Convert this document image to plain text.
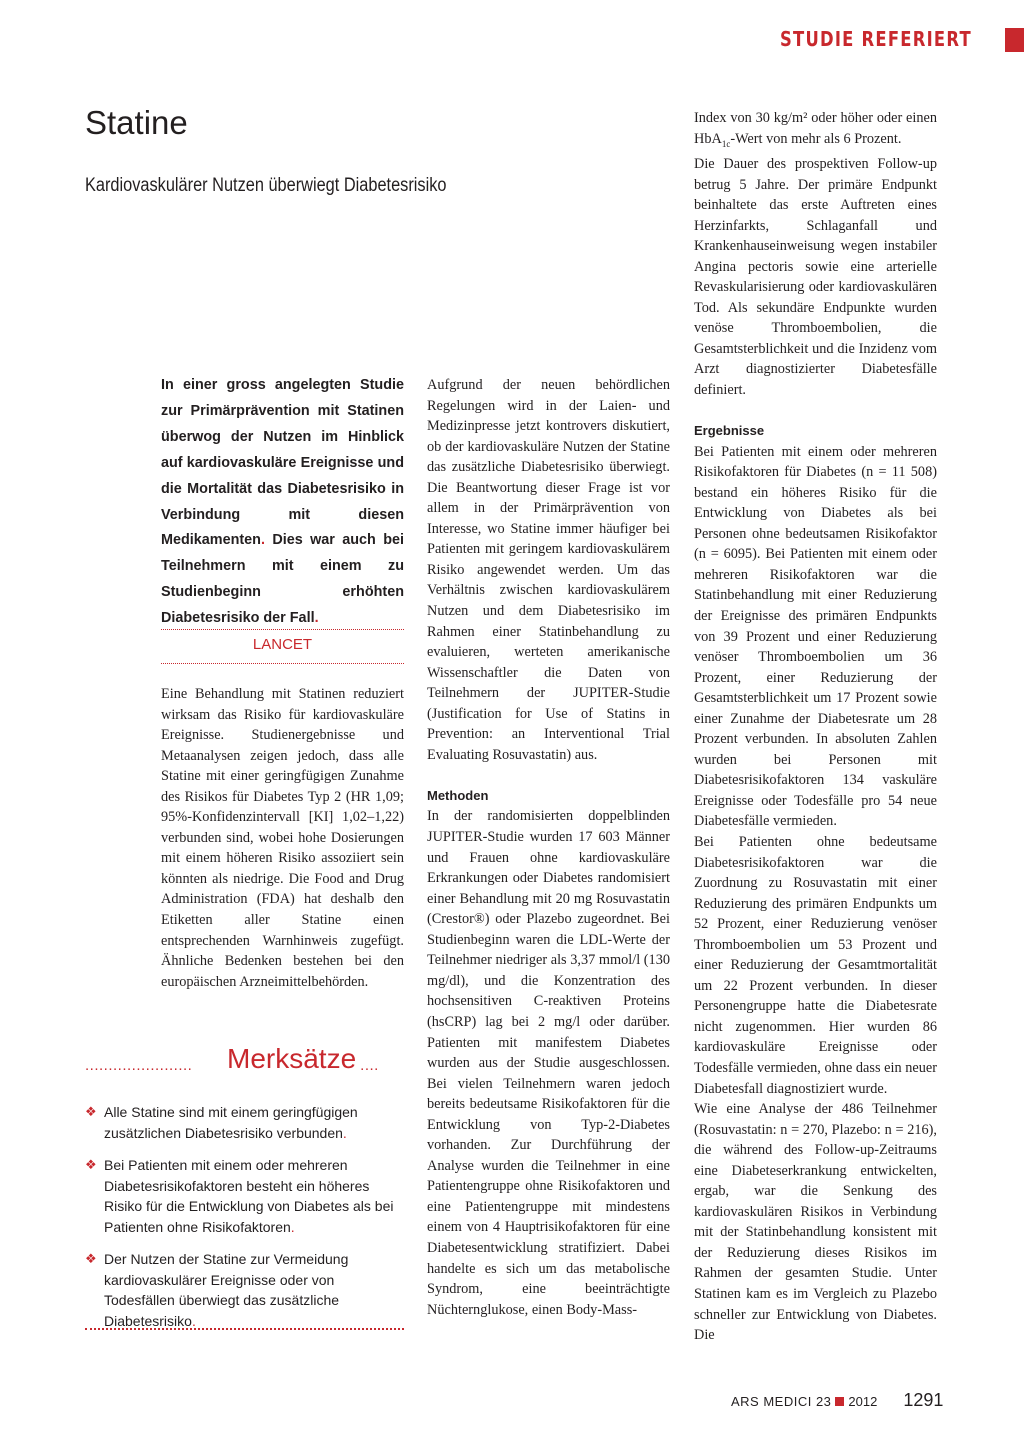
STUDIE REFERIERT
Statine
Kardiovaskulärer Nutzen überwiegt Diabetesrisiko

In einer gross angelegten Studie zur Primärprävention mit Statinen überwog der Nutzen im Hinblick auf kardiovaskuläre Ereignisse und die Mortalität das Diabetesrisiko in Verbindung mit diesen Medikamenten. Dies war auch bei Teilnehmern mit einem zu Studienbeginn erhöhten Diabetesrisiko der Fall.

LANCET

Eine Behandlung mit Statinen reduziert wirksam das Risiko für kardiovaskuläre Ereignisse. Studienergebnisse und Metaanalysen zeigen jedoch, dass alle Statine mit einer geringfügigen Zunahme des Risikos für Diabetes Typ 2 (HR 1,09; 95%-Konfidenzintervall [KI] 1,02–1,22) verbunden sind, wobei hohe Dosierungen mit einem höheren Risiko assoziiert sein könnten als niedrige. Die Food and Drug Administration (FDA) hat deshalb den Etiketten aller Statine einen entsprechenden Warnhinweis zugefügt. Ähnliche Bedenken bestehen bei den europäischen Arzneimittelbehörden.

.......................	Merksätze ....
❖ Alle Statine sind mit einem geringfügigen zusätzlichen Diabetesrisiko verbunden.
❖ Bei Patienten mit einem oder mehreren Diabetesrisikofaktoren besteht ein höheres Risiko für die Entwicklung von Diabetes als bei Patienten ohne Risikofaktoren.
❖ Der Nutzen der Statine zur Vermeidung kardiovaskulärer Ereignisse oder von Todesfällen überwiegt das zusätzliche Diabetesrisiko.

Aufgrund der neuen behördlichen Regelungen wird in der Laien- und Medizinpresse jetzt kontrovers diskutiert, ob der kardiovaskuläre Nutzen der Statine das zusätzliche Diabetesrisiko überwiegt. Die Beantwortung dieser Frage ist vor allem in der Primärprävention von Interesse, wo Statine immer häufiger bei Patienten mit geringem kardiovaskulärem Risiko angewendet werden. Um das Verhältnis zwischen kardiovaskulärem Nutzen und dem Diabetesrisiko im Rahmen einer Statinbehandlung zu evaluieren, werteten amerikanische Wissenschaftler die Daten von Teilnehmern der JUPITER-Studie (Justification for Use of Statins in Prevention: an Interventional Trial Evaluating Rosuvastatin) aus.

Methoden

In der randomisierten doppelblinden JUPITER-Studie wurden 17 603 Männer und Frauen ohne kardiovaskuläre Erkrankungen oder Diabetes randomisiert einer Behandlung mit 20 mg Rosuvastatin (Crestor®) oder Plazebo zugeordnet. Bei Studienbeginn waren die LDL-Werte der Teilnehmer niedriger als 3,37 mmol/l (130 mg/dl), und die Konzentration des hochsensitiven C-reaktiven Proteins (hsCRP) lag bei 2 mg/l oder darüber. Patienten mit manifestem Diabetes wurden aus der Studie ausgeschlossen. Bei vielen Teilnehmern waren jedoch bereits bedeutsame Risikofaktoren für die Entwicklung von Typ-2-Diabetes vorhanden. Zur Durchführung der Analyse wurden die Teilnehmer in eine Patientengruppe ohne Risikofaktoren und eine Patientengruppe mit mindestens einem von 4 Hauptrisikofaktoren für eine Diabetesentwicklung stratifiziert. Dabei handelte es sich um das metabolische Syndrom, eine beeinträchtigte Nüchternglukose, einen Body-Mass-

Index von 30 kg/m² oder höher oder einen HbA$_{1c}$-Wert von mehr als 6 Prozent.

Die Dauer des prospektiven Follow-up betrug 5 Jahre. Der primäre Endpunkt beinhaltete das erste Auftreten eines Herzinfarkts, Schlaganfall und Krankenhauseinweisung wegen instabiler Angina pectoris sowie eine arterielle Revaskularisierung oder kardiovaskulären Tod. Als sekundäre Endpunkte wurden venöse Thromboembolien, die Gesamtsterblichkeit und die Inzidenz vom Arzt diagnostizierter Diabetesfälle definiert.

Ergebnisse

Bei Patienten mit einem oder mehreren Risikofaktoren für Diabetes (n = 11 508) bestand ein höheres Risiko für die Entwicklung von Diabetes als bei Personen ohne bedeutsamen Risikofaktor (n = 6095). Bei Patienten mit einem oder mehreren Risikofaktoren war die Statinbehandlung mit einer Reduzierung der Ereignisse des primären Endpunkts von 39 Prozent und einer Reduzierung venöser Thromboembolien um 36 Prozent, einer Reduzierung der Gesamtsterblichkeit um 17 Prozent sowie einer Zunahme der Diabetesrate um 28 Prozent verbunden. In absoluten Zahlen wurden bei Personen mit Diabetesrisikofaktoren 134 vaskuläre Ereignisse oder Todesfälle pro 54 neue Diabetesfälle vermieden.

Bei Patienten ohne bedeutsame Diabetesrisikofaktoren war die Zuordnung zu Rosuvastatin mit einer Reduzierung des primären Endpunkts um 52 Prozent, einer Reduzierung venöser Thromboembolien um 53 Prozent und einer Reduzierung der Gesamtmortalität um 22 Prozent verbunden. In dieser Personengruppe hatte die Diabetesrate nicht zugenommen. Hier wurden 86 kardiovaskuläre Ereignisse oder Todesfälle vermieden, ohne dass ein neuer Diabetesfall diagnostiziert wurde.

Wie eine Analyse der 486 Teilnehmer (Rosuvastatin: n = 270, Plazebo: n = 216), die während des Follow-up-Zeitraums eine Diabeteserkrankung entwickelten, ergab, war die Senkung des kardiovaskulären Risikos in Verbindung mit der Statinbehandlung konsistent mit der Reduzierung dieses Risikos im Rahmen der gesamten Studie. Unter Statinen kam es im Vergleich zu Plazebo schneller zur Entwicklung von Diabetes. Die

ARS MEDICI 23 2012 1291
